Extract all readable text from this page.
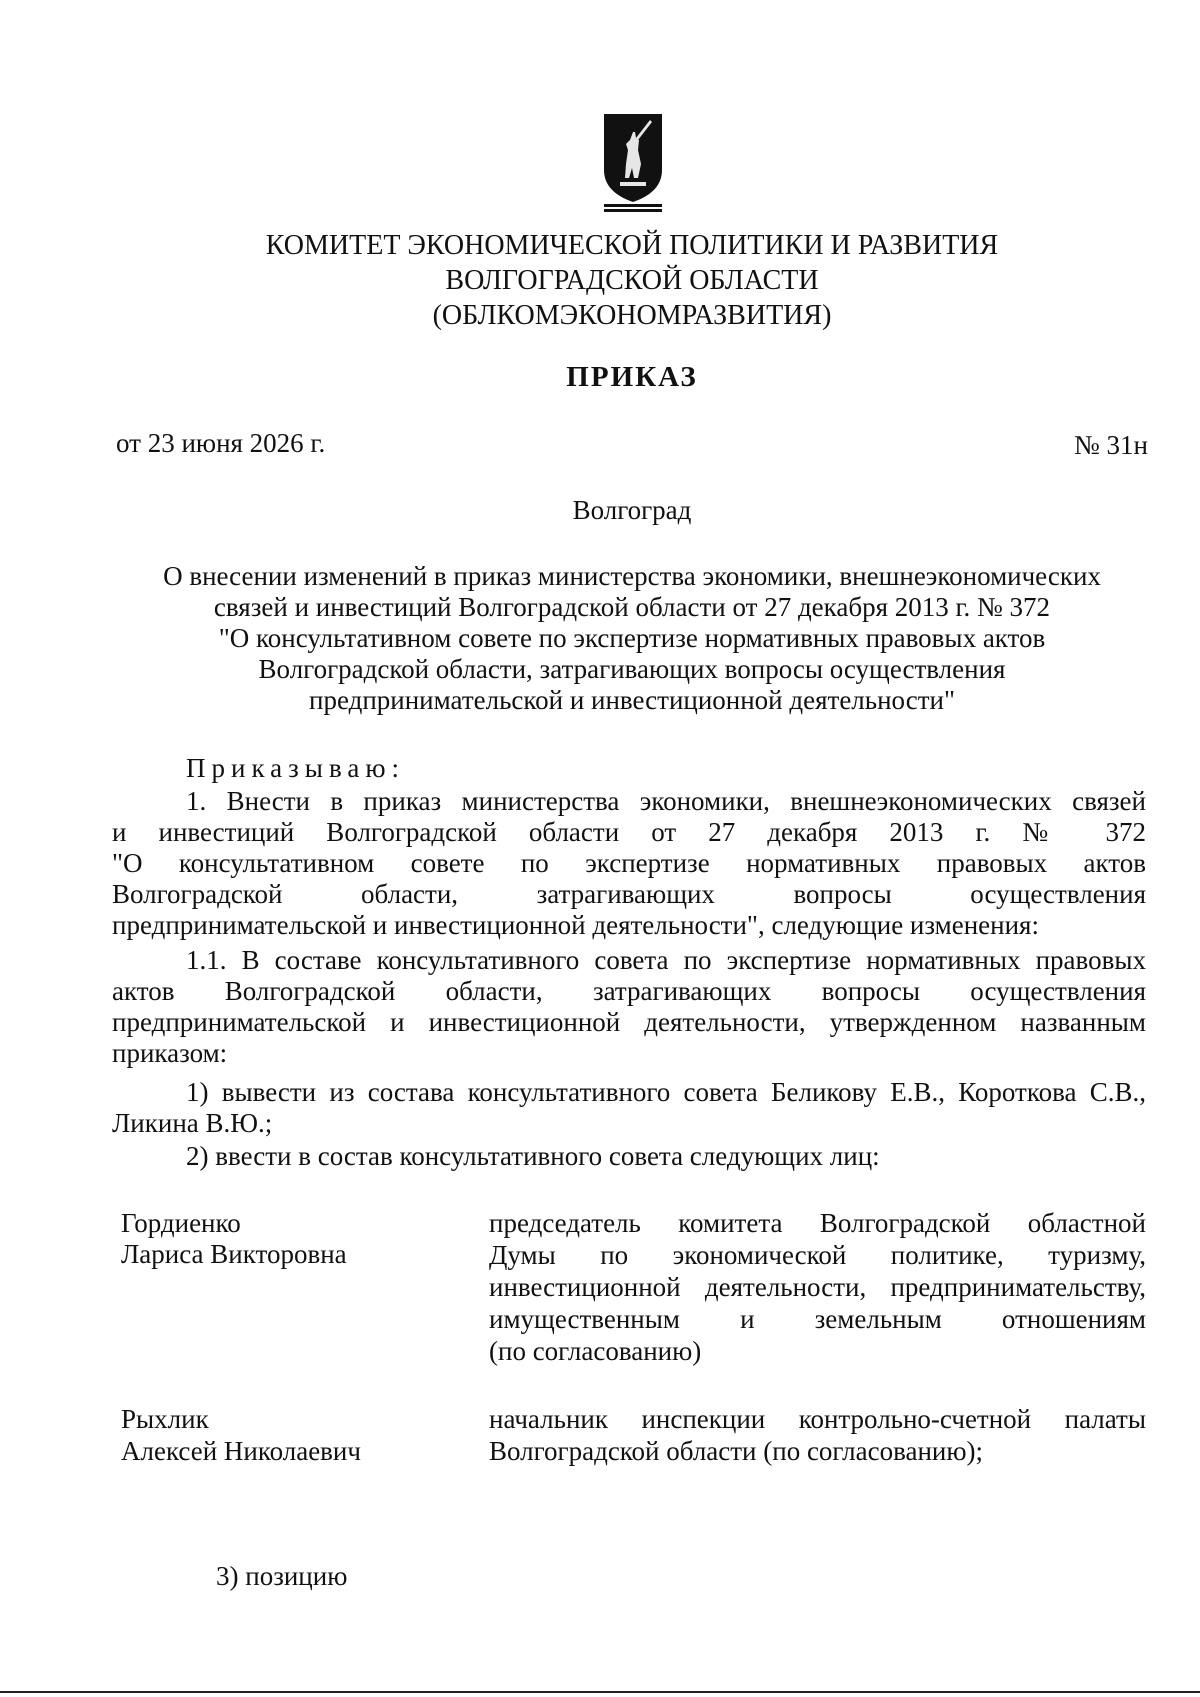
КОМИТЕТ ЭКОНОМИЧЕСКОЙ ПОЛИТИКИ И РАЗВИТИЯ
ВОЛГОГРАДСКОЙ ОБЛАСТИ
(ОБЛКОМЭКОНОМРАЗВИТИЯ)
ПРИКАЗ
от 23 июня 2026 г.	№ 31н
Волгоград
О внесении изменений в приказ министерства экономики, внешнеэкономических
связей и инвестиций Волгоградской области от 27 декабря 2013 г. № 372
"О консультативном совете по экспертизе нормативных правовых актов
Волгоградской области, затрагивающих вопросы осуществления
предпринимательской и инвестиционной деятельности"
Приказываю:
1. Внести в приказ министерства экономики, внешнеэкономических связей
и инвестиций Волгоградской области от 27 декабря 2013 г. № 372
"О консультативном совете по экспертизе нормативных правовых актов
Волгоградской области, затрагивающих вопросы осуществления
предпринимательской и инвестиционной деятельности", следующие изменения:
1.1. В составе консультативного совета по экспертизе нормативных правовых
актов Волгоградской области, затрагивающих вопросы осуществления
предпринимательской и инвестиционной деятельности, утвержденном названным
приказом:
1) вывести из состава консультативного совета Беликову Е.В., Короткова С.В.,
Ликина В.Ю.;
2) ввести в состав консультативного совета следующих лиц:
Гордиенко
Лариса Викторовна
председатель комитета Волгоградской областной
Думы по экономической политике, туризму,
инвестиционной деятельности, предпринимательству,
имущественным и земельным отношениям
(по согласованию)
Рыхлик
Алексей Николаевич
начальник инспекции контрольно-счетной палаты
Волгоградской области (по согласованию);
3) позицию
